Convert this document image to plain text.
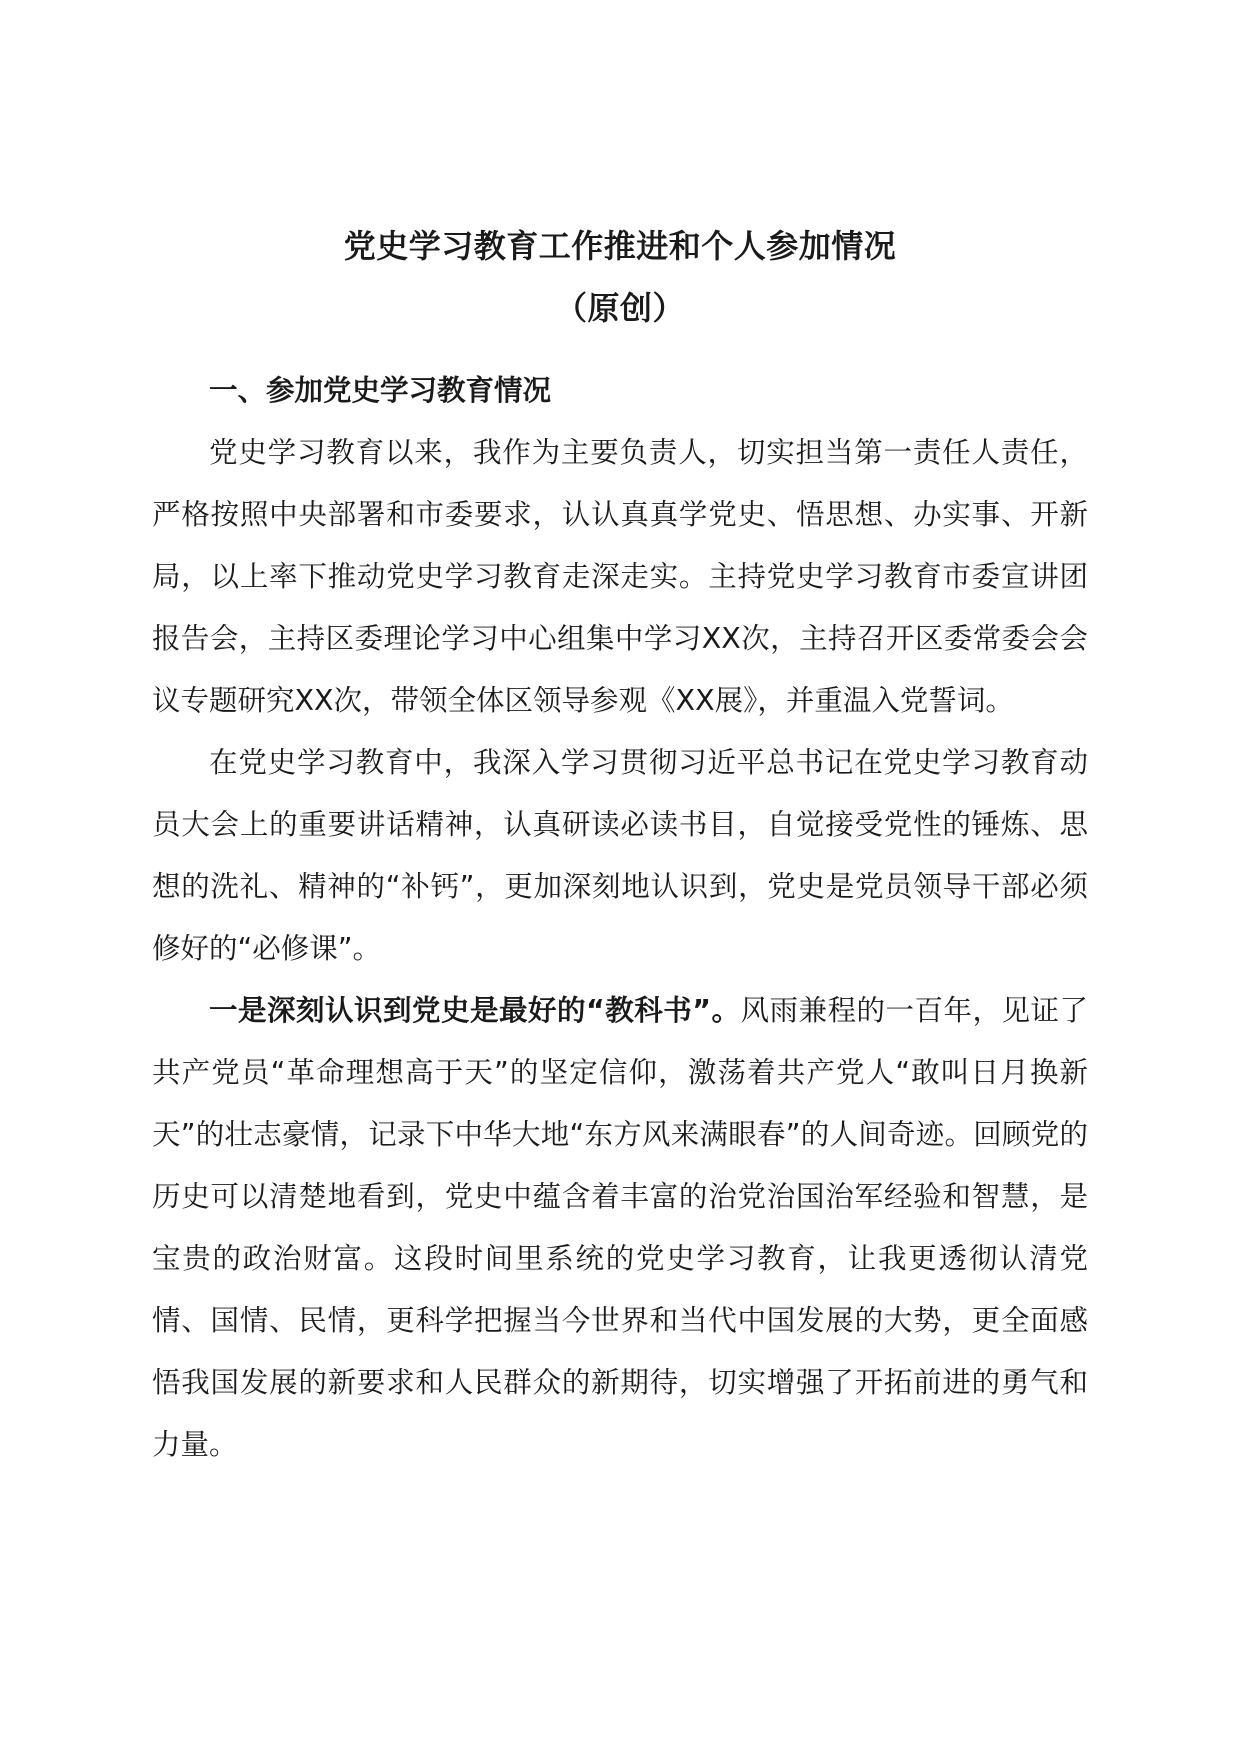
党史学习教育工作推进和个人参加情况
（原创）

一、参加党史学习教育情况

党史学习教育以来，我作为主要负责人，切实担当第一责任人责任，严格按照中央部署和市委要求，认认真真学党史、悟思想、办实事、开新局，以上率下推动党史学习教育走深走实。主持党史学习教育市委宣讲团报告会，主持区委理论学习中心组集中学习XX次，主持召开区委常委会会议专题研究XX次，带领全体区领导参观《XX展》，并重温入党誓词。

在党史学习教育中，我深入学习贯彻习近平总书记在党史学习教育动员大会上的重要讲话精神，认真研读必读书目，自觉接受党性的锤炼、思想的洗礼、精神的“补钙”，更加深刻地认识到，党史是党员领导干部必须修好的“必修课”。

一是深刻认识到党史是最好的“教科书”。风雨兼程的一百年，见证了共产党员“革命理想高于天”的坚定信仰，激荡着共产党人“敢叫日月换新天”的壮志豪情，记录下中华大地“东方风来满眼春”的人间奇迹。回顾党的历史可以清楚地看到，党史中蕴含着丰富的治党治国治军经验和智慧，是宝贵的政治财富。这段时间里系统的党史学习教育，让我更透彻认清党情、国情、民情，更科学把握当今世界和当代中国发展的大势，更全面感悟我国发展的新要求和人民群众的新期待，切实增强了开拓前进的勇气和力量。
